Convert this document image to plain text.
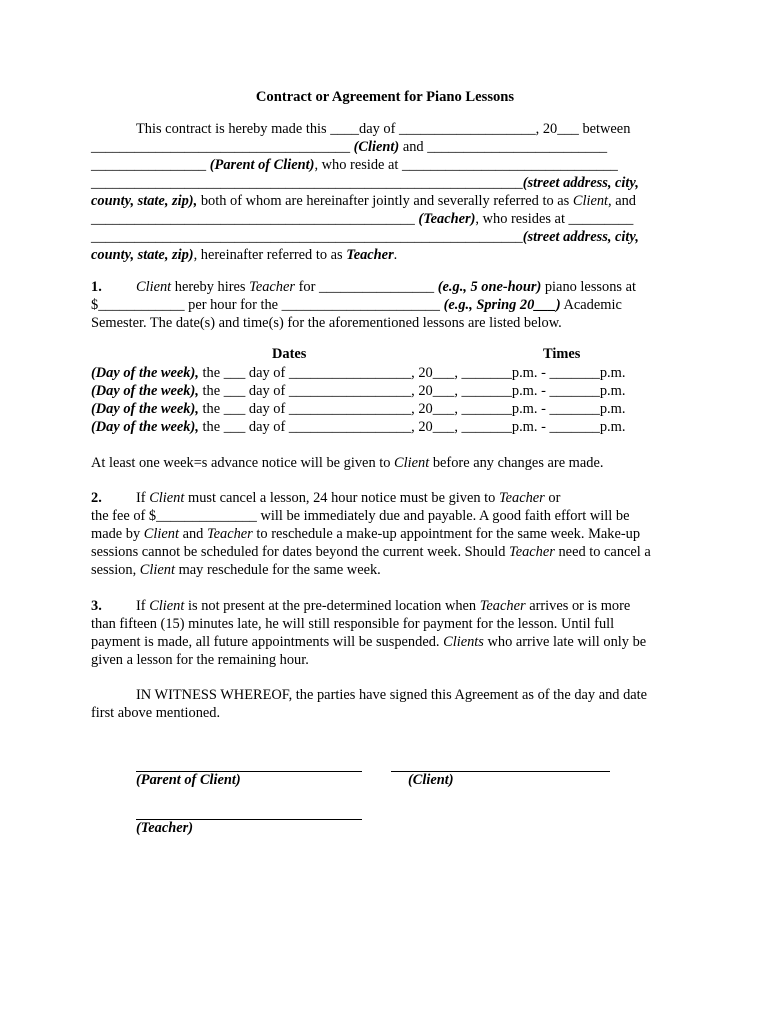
Contract or Agreement for Piano Lessons
This contract is hereby made this ____day of ___________________, 20___ between
____________________________________ (Client) and _________________________
________________ (Parent of Client), who reside at ______________________________
____________________________________________________________(street address, city,
county, state, zip), both of whom are hereinafter jointly and severally referred to as Client, and
_____________________________________________ (Teacher), who resides at _________
____________________________________________________________(street address, city,
county, state, zip), hereinafter referred to as Teacher.
1. Client hereby hires Teacher for ________________ (e.g., 5 one-hour) piano lessons at
$____________ per hour for the ______________________ (e.g., Spring 20___) Academic
Semester. The date(s) and time(s) for the aforementioned lessons are listed below.
Dates	Times
(Day of the week), the ___ day of _________________, 20___, _______p.m. - _______p.m.
(Day of the week), the ___ day of _________________, 20___, _______p.m. - _______p.m.
(Day of the week), the ___ day of _________________, 20___, _______p.m. - _______p.m.
(Day of the week), the ___ day of _________________, 20___, _______p.m. - _______p.m.
At least one week=s advance notice will be given to Client before any changes are made.
2. If Client must cancel a lesson, 24 hour notice must be given to Teacher or
the fee of $______________ will be immediately due and payable. A good faith effort will be
made by Client and Teacher to reschedule a make-up appointment for the same week. Make-up
sessions cannot be scheduled for dates beyond the current week. Should Teacher need to cancel a
session, Client may reschedule for the same week.
3. If Client is not present at the pre-determined location when Teacher arrives or is more
than fifteen (15) minutes late, he will still responsible for payment for the lesson. Until full
payment is made, all future appointments will be suspended. Clients who arrive late will only be
given a lesson for the remaining hour.
IN WITNESS WHEREOF, the parties have signed this Agreement as of the day and date
first above mentioned.
(Parent of Client)	(Client)
(Teacher)
